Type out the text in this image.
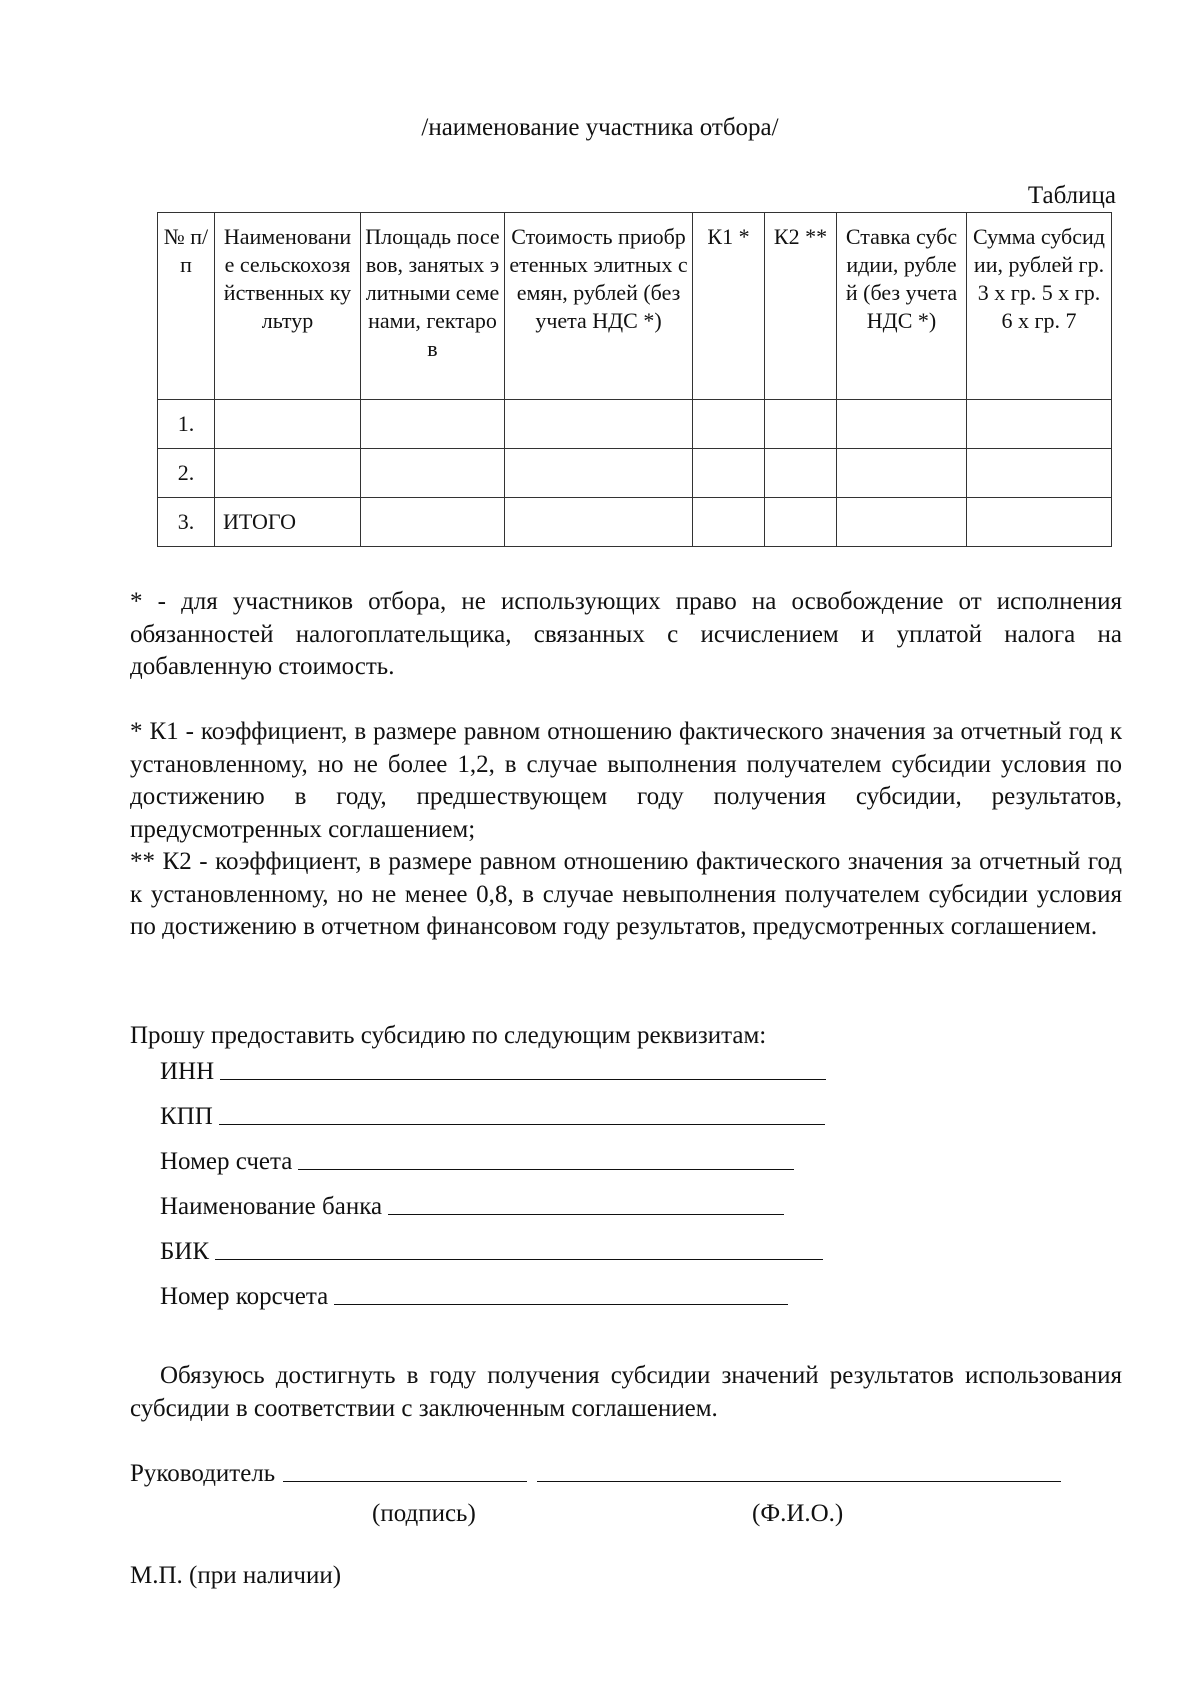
/наименование участника отбора/
Таблица
№ п/п	Наименование сельскохозяйственных культур	Площадь посевов, занятых элитными семенами, гектаров	Стоимость приобретенных элитных семян, рублей (без учета НДС *)	К1 *	К2 **	Ставка субсидии, рублей (без учета НДС *)	Сумма субсидии, рублей гр. 3 х гр. 5 х гр. 6 х гр. 7
1.							
2.							
3.	ИТОГО						
* - для участников отбора, не использующих право на освобождение от исполнения обязанностей налогоплательщика, связанных с исчислением и уплатой налога на добавленную стоимость.
* К1 - коэффициент, в размере равном отношению фактического значения за отчетный год к установленному, но не более 1,2, в случае выполнения получателем субсидии условия по достижению в году, предшествующем году получения субсидии, результатов, предусмотренных соглашением;
** К2 - коэффициент, в размере равном отношению фактического значения за отчетный год к установленному, но не менее 0,8, в случае невыполнения получателем субсидии условия по достижению в отчетном финансовом году результатов, предусмотренных соглашением.
Прошу предоставить субсидию по следующим реквизитам:
ИНН
КПП
Номер счета
Наименование банка
БИК
Номер корсчета
Обязуюсь достигнуть в году получения субсидии значений результатов использования субсидии в соответствии с заключенным соглашением.
Руководитель
(подпись)	(Ф.И.О.)
М.П. (при наличии)
